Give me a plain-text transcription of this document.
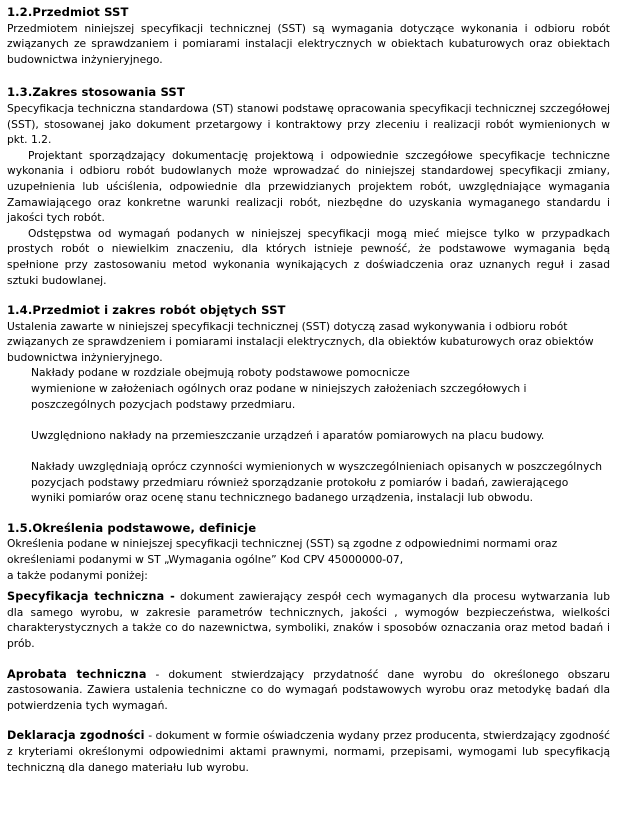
1.2.Przedmiot SST

Przedmiotem niniejszej specyfikacji technicznej (SST) są wymagania dotyczące wykonania i odbioru robót związanych ze sprawdzaniem i pomiarami instalacji elektrycznych w obiektach kubaturowych oraz obiektach budownictwa inżynieryjnego.

1.3.Zakres stosowania SST

Specyfikacja techniczna standardowa (ST) stanowi podstawę opracowania specyfikacji technicznej szczegółowej (SST), stosowanej jako dokument przetargowy i kontraktowy przy zleceniu i realizacji robót wymienionych w pkt. 1.2.

Projektant sporządzający dokumentację projektową i odpowiednie szczegółowe specyfikacje techniczne wykonania i odbioru robót budowlanych może wprowadzać do niniejszej standardowej specyfikacji zmiany, uzupełnienia lub uściślenia, odpowiednie dla przewidzianych projektem robót, uwzględniające wymagania Zamawiającego oraz konkretne warunki realizacji robót, niezbędne do uzyskania wymaganego standardu i jakości tych robót.

Odstępstwa od wymagań podanych w niniejszej specyfikacji mogą mieć miejsce tylko w przypadkach prostych robót o niewielkim znaczeniu, dla których istnieje pewność, że podstawowe wymagania będą spełnione przy zastosowaniu metod wykonania wynikających z doświadczenia oraz uznanych reguł i zasad sztuki budowlanej.

1.4.Przedmiot i zakres robót objętych SST

Ustalenia zawarte w niniejszej specyfikacji technicznej (SST) dotyczą zasad wykonywania i odbioru robót
związanych ze sprawdzeniem i pomiarami instalacji elektrycznych, dla obiektów kubaturowych oraz obiektów
budownictwa inżynieryjnego.

Nakłady podane w rozdziale obejmują roboty podstawowe pomocnicze
wymienione w założeniach ogólnych oraz podane w niniejszych założeniach szczegółowych i
poszczególnych pozycjach podstawy przedmiaru.

Uwzględniono nakłady na przemieszczanie urządzeń i aparatów pomiarowych na placu budowy.

Nakłady uwzględniają oprócz czynności wymienionych w wyszczególnieniach opisanych w poszczególnych
pozycjach podstawy przedmiaru również sporządzanie protokołu z pomiarów i badań, zawierającego
wyniki pomiarów oraz ocenę stanu technicznego badanego urządzenia, instalacji lub obwodu.

1.5.Określenia podstawowe, definicje

Określenia podane w niniejszej specyfikacji technicznej (SST) są zgodne z odpowiednimi normami oraz
określeniami podanymi w ST „Wymagania ogólne” Kod CPV 45000000-07,
a także podanymi poniżej:

Specyfikacja techniczna - dokument zawierający zespół cech wymaganych dla procesu wytwarzania lub dla samego wyrobu, w zakresie parametrów technicznych, jakości , wymogów bezpieczeństwa, wielkości charakterystycznych a także co do nazewnictwa, symboliki, znaków i sposobów oznaczania oraz metod badań i prób.

Aprobata techniczna - dokument stwierdzający przydatność dane wyrobu do określonego obszaru zastosowania. Zawiera ustalenia techniczne co do wymagań podstawowych wyrobu oraz metodykę badań dla potwierdzenia tych wymagań.

Deklaracja zgodności - dokument w formie oświadczenia wydany przez producenta, stwierdzający zgodność z kryteriami określonymi odpowiednimi aktami prawnymi, normami, przepisami, wymogami lub specyfikacją techniczną dla danego materiału lub wyrobu.
